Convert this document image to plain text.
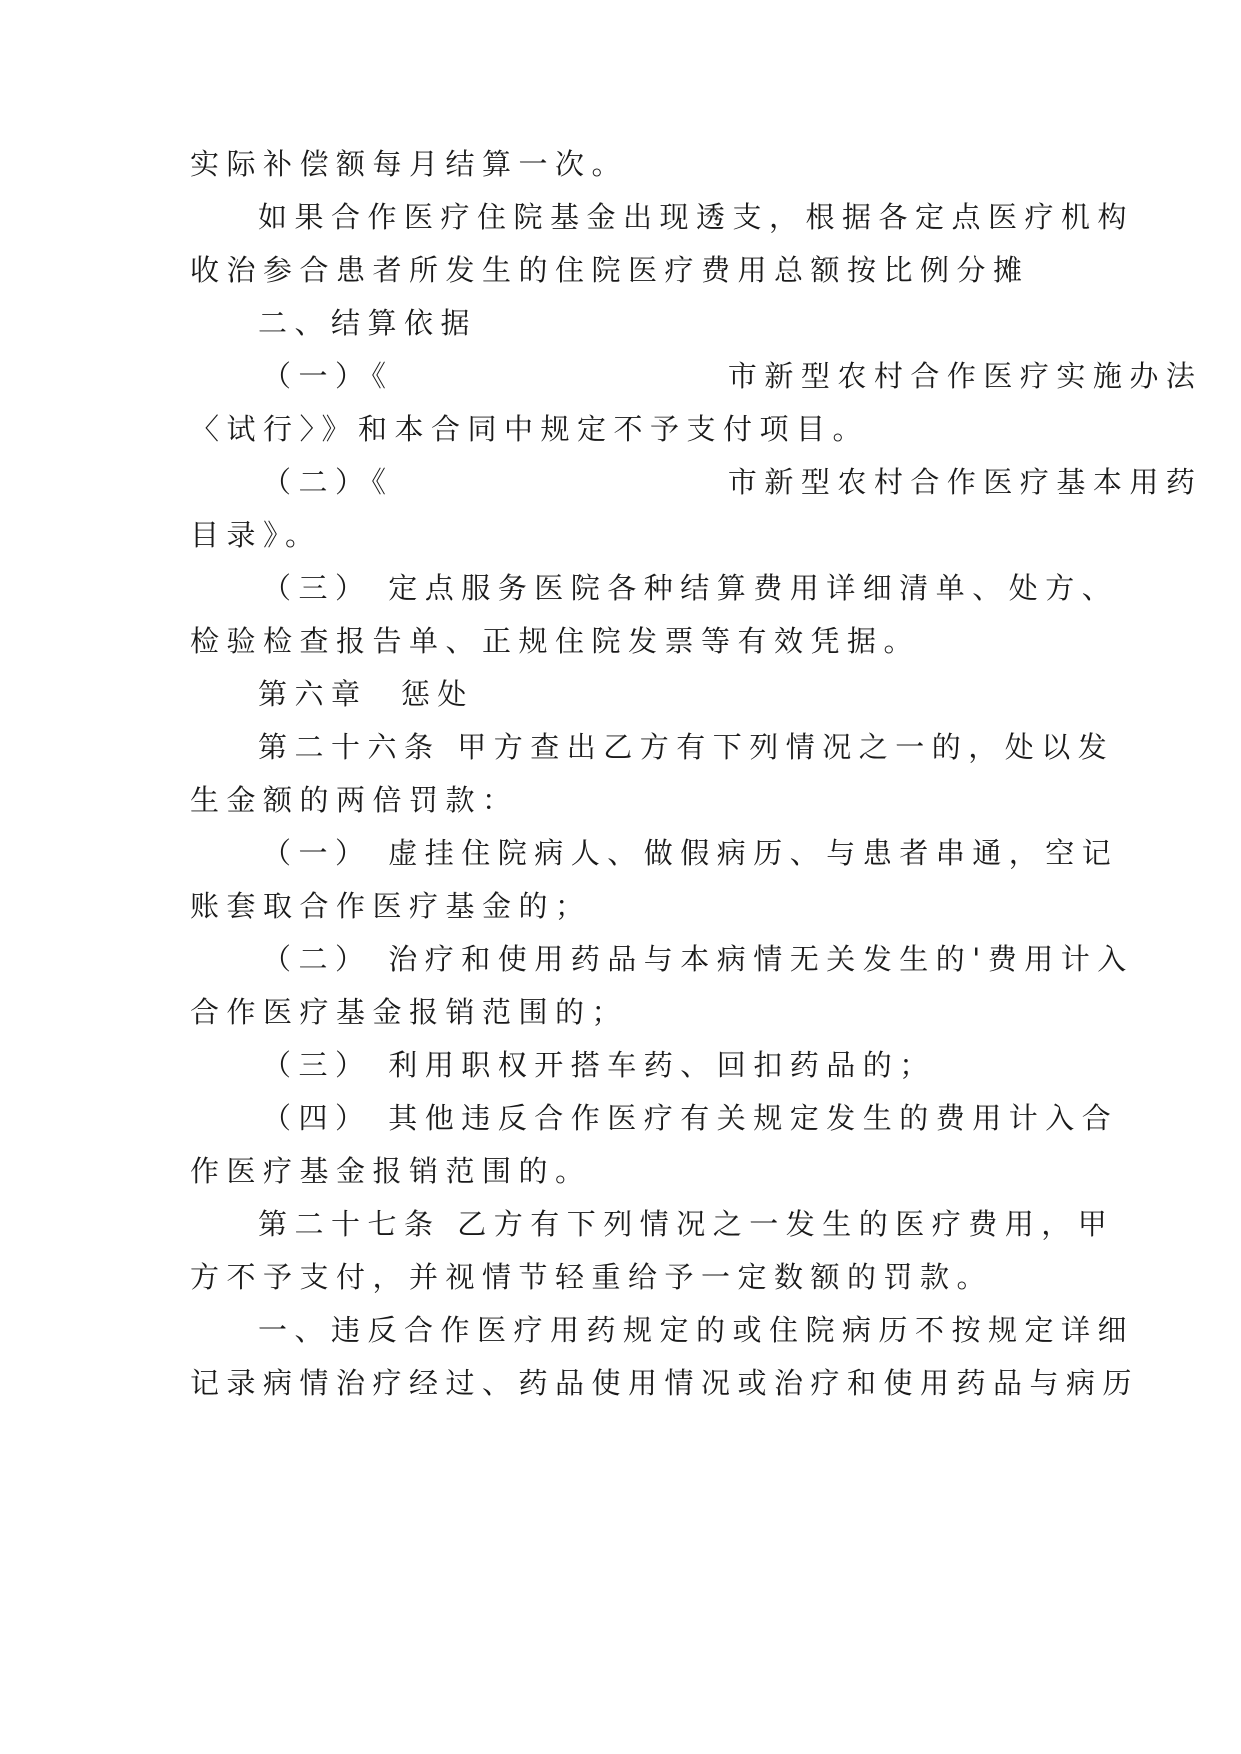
实际补偿额每月结算一次。
如果合作医疗住院基金出现透支，根据各定点医疗机构
收治参合患者所发生的住院医疗费用总额按比例分摊
二、结算依据
（一）《                    市新型农村合作医疗实施办法
〈试行〉》和本合同中规定不予支付项目。
（二）《                    市新型农村合作医疗基本用药
目录》。
（三） 定点服务医院各种结算费用详细清单、处方、
检验检查报告单、正规住院发票等有效凭据。
第六章  惩处
第二十六条 甲方查出乙方有下列情况之一的，处以发
生金额的两倍罚款：
（一） 虚挂住院病人、做假病历、与患者串通，空记
账套取合作医疗基金的；
（二） 治疗和使用药品与本病情无关发生的'费用计入
合作医疗基金报销范围的；
（三） 利用职权开搭车药、回扣药品的；
（四） 其他违反合作医疗有关规定发生的费用计入合
作医疗基金报销范围的。
第二十七条 乙方有下列情况之一发生的医疗费用，甲
方不予支付，并视情节轻重给予一定数额的罚款。
一、违反合作医疗用药规定的或住院病历不按规定详细
记录病情治疗经过、药品使用情况或治疗和使用药品与病历
